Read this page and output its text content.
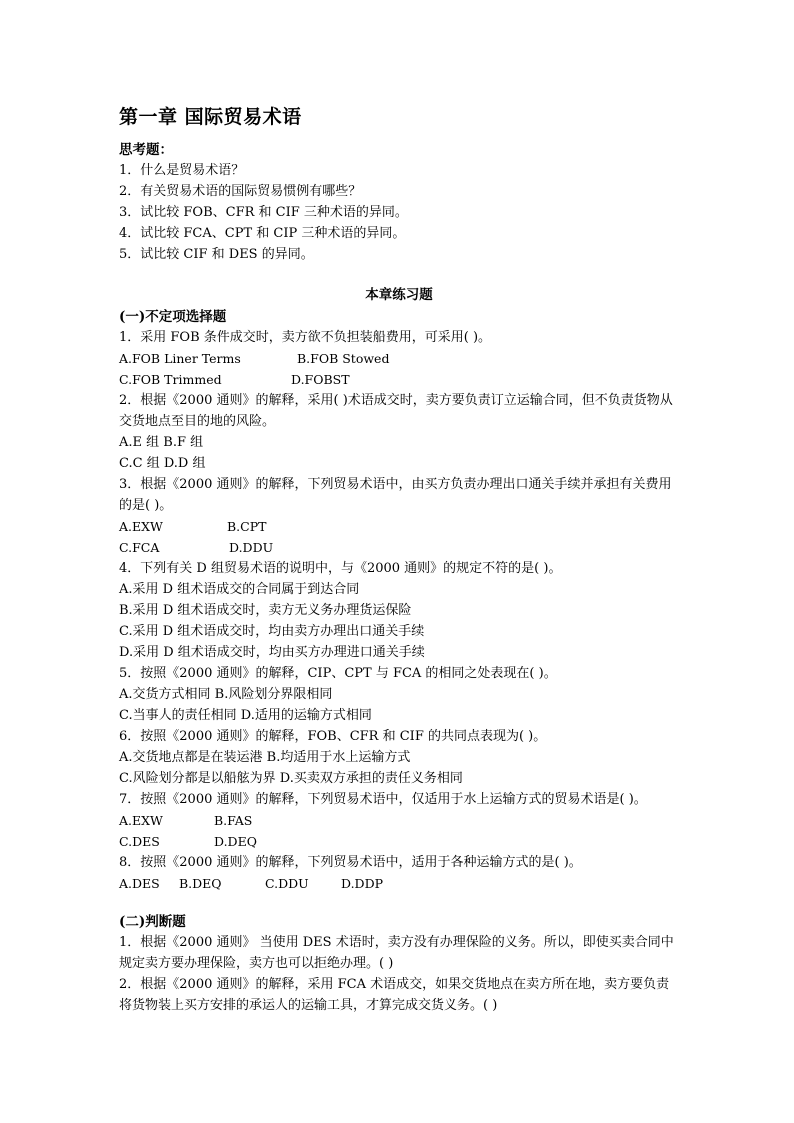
第一章 国际贸易术语
思考题：
1．什么是贸易术语？
2．有关贸易术语的国际贸易惯例有哪些？
3．试比较 FOB、CFR 和 CIF 三种术语的异同。
4．试比较 FCA、CPT 和 CIP 三种术语的异同。
5．试比较 CIF 和 DES 的异同。
本章练习题
(一)不定项选择题
1．采用 FOB 条件成交时，卖方欲不负担装船费用，可采用( )。
A.FOB Liner Terms	B.FOB Stowed
C.FOB Trimmed	D.FOBST
2．根据《2000 通则》的解释，采用( )术语成交时，卖方要负责订立运输合同，但不负责货物从交货地点至目的地的风险。
A.E 组 B.F 组
C.C 组 D.D 组
3．根据《2000 通则》的解释，下列贸易术语中，由买方负责办理出口通关手续并承担有关费用的是( )。
A.EXW	B.CPT
C.FCA	D.DDU
4．下列有关 D 组贸易术语的说明中，与《2000 通则》的规定不符的是( )。
A.采用 D 组术语成交的合同属于到达合同
B.采用 D 组术语成交时，卖方无义务办理货运保险
C.采用 D 组术语成交时，均由卖方办理出口通关手续
D.采用 D 组术语成交时，均由买方办理进口通关手续
5．按照《2000 通则》的解释，CIP、CPT 与 FCA 的相同之处表现在( )。
A.交货方式相同 B.风险划分界限相同
C.当事人的责任相同 D.适用的运输方式相同
6．按照《2000 通则》的解释，FOB、CFR 和 CIF 的共同点表现为( )。
A.交货地点都是在装运港 B.均适用于水上运输方式
C.风险划分都是以船舷为界 D.买卖双方承担的责任义务相同
7．按照《2000 通则》的解释，下列贸易术语中，仅适用于水上运输方式的贸易术语是( )。
A.EXW	B.FAS
C.DES	D.DEQ
8．按照《2000 通则》的解释，下列贸易术语中，适用于各种运输方式的是( )。
A.DES	B.DEQ	C.DDU	D.DDP
(二)判断题
1．根据《2000 通则》 当使用 DES 术语时，卖方没有办理保险的义务。所以，即使买卖合同中规定卖方要办理保险，卖方也可以拒绝办理。( )
2．根据《2000 通则》的解释，采用 FCA 术语成交，如果交货地点在卖方所在地，卖方要负责将货物装上买方安排的承运人的运输工具，才算完成交货义务。( )
